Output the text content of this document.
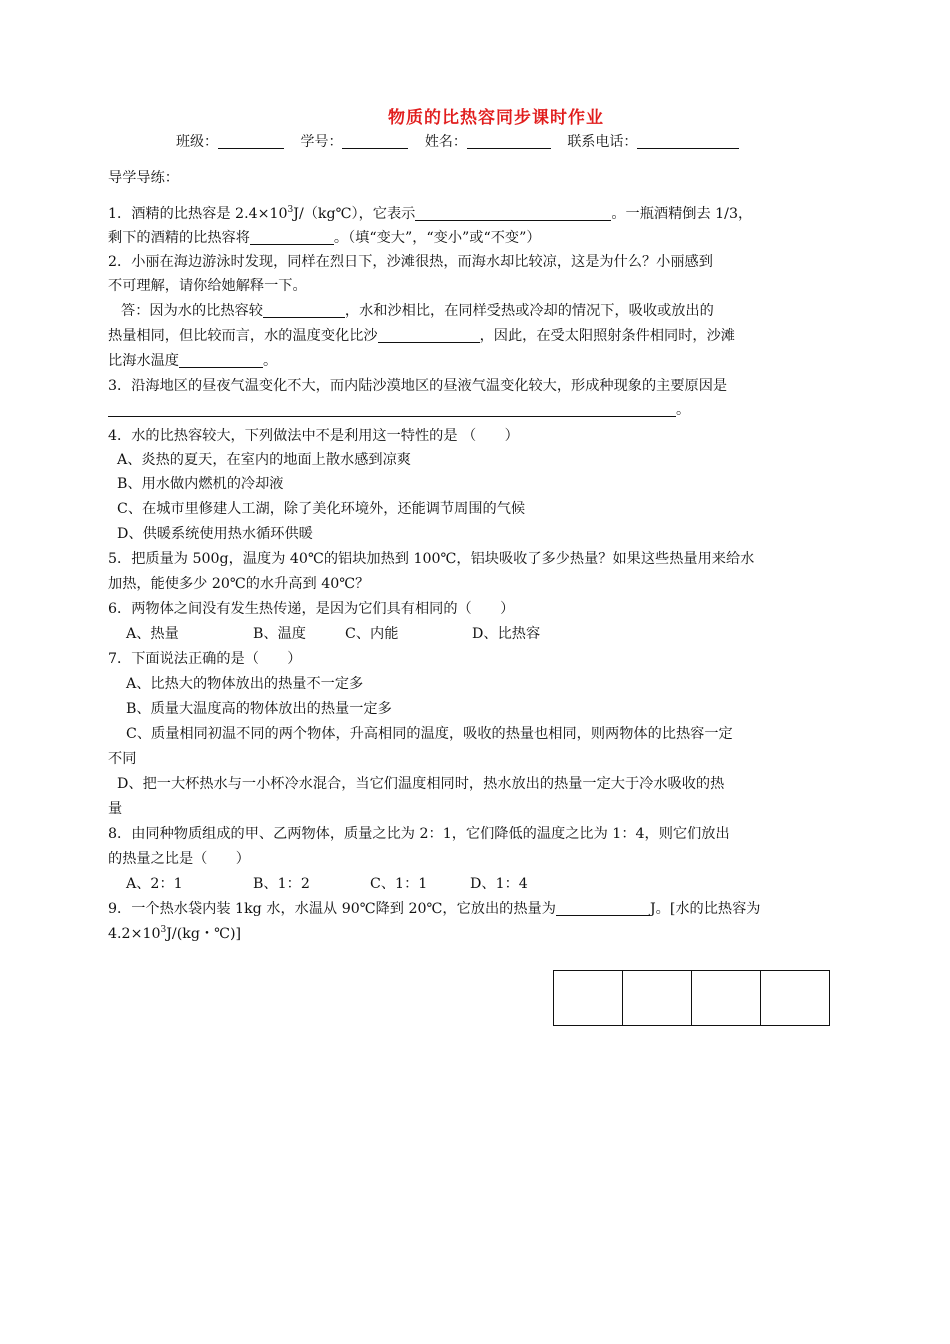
物质的比热容同步课时作业
班级：	学号：	姓名：	联系电话：
导学导练：
1．酒精的比热容是 $2.4\times 10^3J/(kg℃)$，它表示	。一瓶酒精倒去 1/3，
剩下的酒精的比热容将	。（填“变大”，“变小”或“不变”）
2．小丽在海边游泳时发现，同样在烈日下，沙滩很热，而海水却比较凉，这是为什么？小丽感到
不可理解，请你给她解释一下。
答：因为水的比热容较	，水和沙相比，在同样受热或冷却的情况下，吸收或放出的
热量相同，但比较而言，水的温度变化比沙	，因此，在受太阳照射条件相同时，沙滩
比海水温度	。
3．沿海地区的昼夜气温变化不大，而内陆沙漠地区的昼液气温变化较大，形成种现象的主要原因是
。
4．水的比热容较大，下列做法中不是利用这一特性的是 （　　）
A、炎热的夏天，在室内的地面上散水感到凉爽
B、用水做内燃机的冷却液
C、在城市里修建人工湖，除了美化环境外，还能调节周围的气候
D、供暖系统使用热水循环供暖
5．把质量为 500g，温度为 40℃的铝块加热到 100℃，铝块吸收了多少热量？如果这些热量用来给水
加热，能使多少 20℃的水升高到 40℃？
6．两物体之间没有发生热传递，是因为它们具有相同的（　　）
A、热量	B、温度	C、内能	D、比热容
7．下面说法正确的是（　　）
A、比热大的物体放出的热量不一定多
B、质量大温度高的物体放出的热量一定多
C、质量相同初温不同的两个物体，升高相同的温度，吸收的热量也相同，则两物体的比热容一定
不同
D、把一大杯热水与一小杯冷水混合，当它们温度相同时，热水放出的热量一定大于冷水吸收的热
量
8．由同种物质组成的甲、乙两物体，质量之比为 2：1，它们降低的温度之比为 1：4，则它们放出
的热量之比是（　　）
A、2：1	B、1：2	C、1：1	D、1：4
9．一个热水袋内装 1kg 水，水温从 90℃降到 20℃，它放出的热量为	J。[水的比热容为
$4.2\times 10^3J/(kg$・℃)]
